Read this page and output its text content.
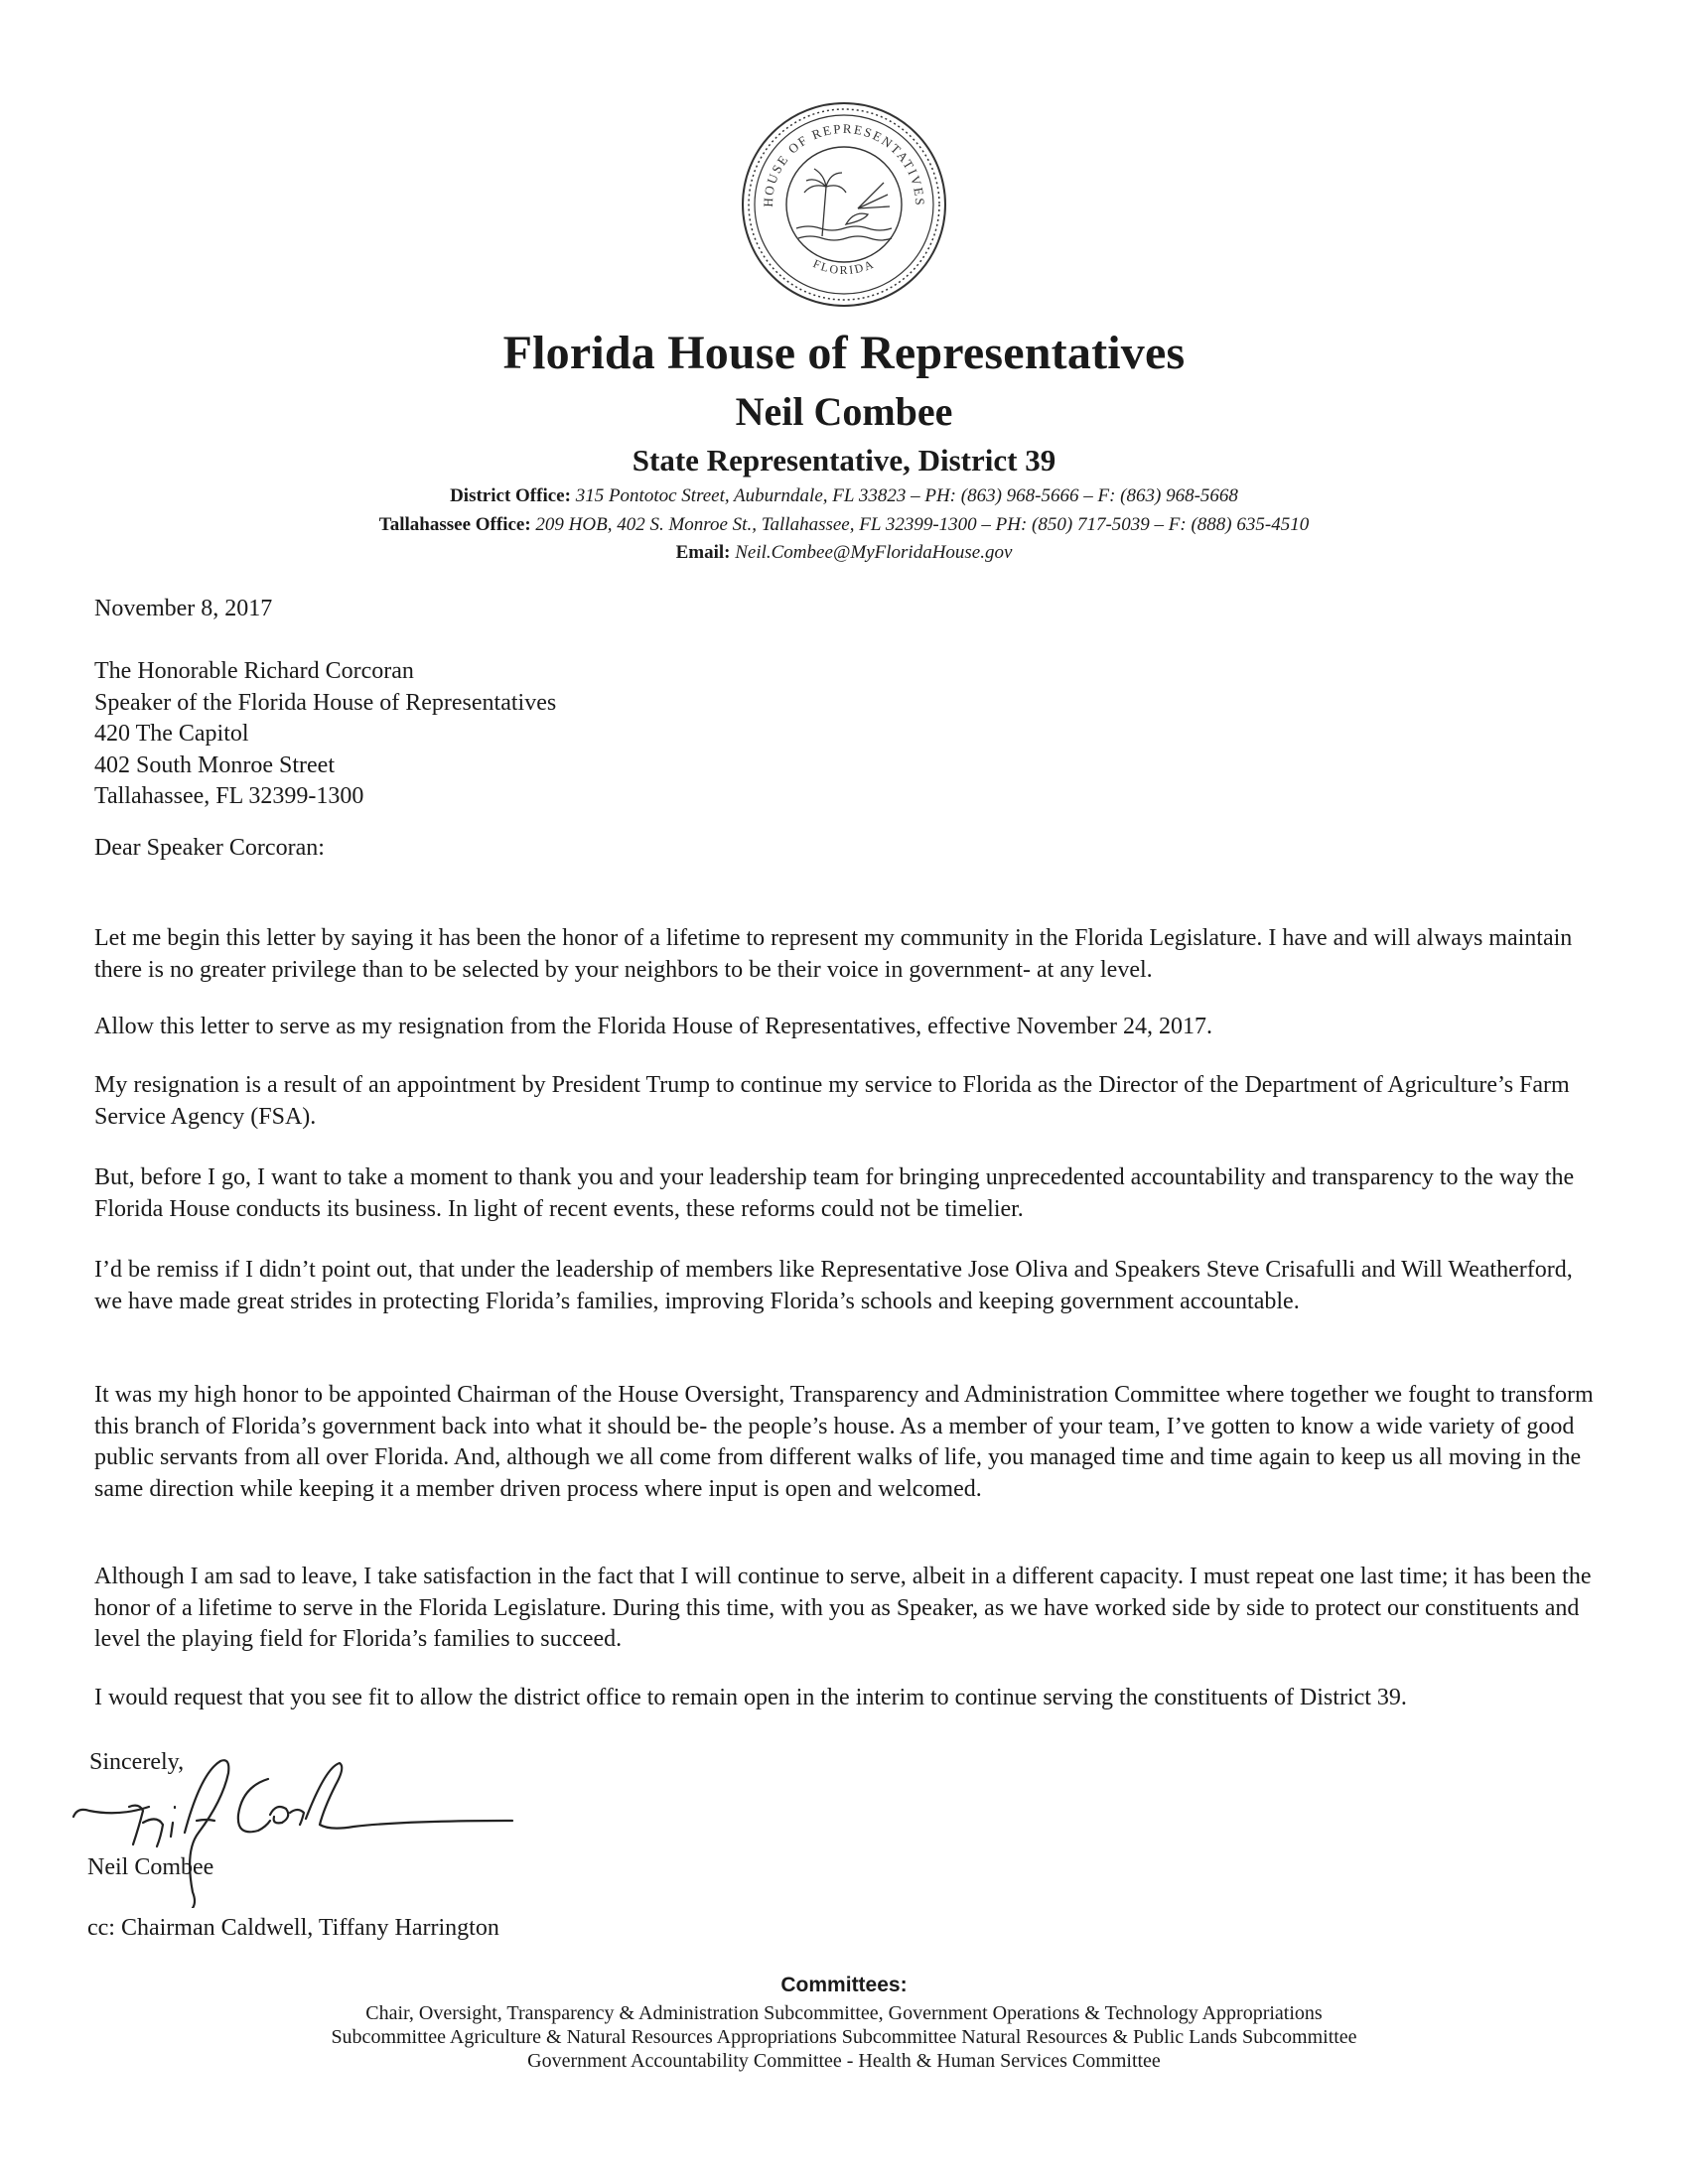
HOUSE OF REPRESENTATIVES
FLORIDA
Florida House of Representatives
Neil Combee
State Representative, District 39
District Office: 315 Pontotoc Street, Auburndale, FL 33823 – PH: (863) 968-5666 – F: (863) 968-5668
Tallahassee Office: 209 HOB, 402 S. Monroe St., Tallahassee, FL 32399-1300 – PH: (850) 717-5039 – F: (888) 635-4510
Email: Neil.Combee@MyFloridaHouse.gov
November 8, 2017
The Honorable Richard Corcoran
Speaker of the Florida House of Representatives
420 The Capitol
402 South Monroe Street
Tallahassee, FL 32399-1300
Dear Speaker Corcoran:

Let me begin this letter by saying it has been the honor of a lifetime to represent my community in the Florida Legislature. I have and will always maintain there is no greater privilege than to be selected by your neighbors to be their voice in government- at any level.

Allow this letter to serve as my resignation from the Florida House of Representatives, effective November 24, 2017.

My resignation is a result of an appointment by President Trump to continue my service to Florida as the Director of the Department of Agriculture’s Farm Service Agency (FSA).

But, before I go, I want to take a moment to thank you and your leadership team for bringing unprecedented accountability and transparency to the way the Florida House conducts its business. In light of recent events, these reforms could not be timelier.

I’d be remiss if I didn’t point out, that under the leadership of members like Representative Jose Oliva and Speakers Steve Crisafulli and Will Weatherford, we have made great strides in protecting Florida’s families, improving Florida’s schools and keeping government accountable.

It was my high honor to be appointed Chairman of the House Oversight, Transparency and Administration Committee where together we fought to transform this branch of Florida’s government back into what it should be- the people’s house. As a member of your team, I’ve gotten to know a wide variety of good public servants from all over Florida. And, although we all come from different walks of life, you managed time and time again to keep us all moving in the same direction while keeping it a member driven process where input is open and welcomed.

Although I am sad to leave, I take satisfaction in the fact that I will continue to serve, albeit in a different capacity. I must repeat one last time; it has been the honor of a lifetime to serve in the Florida Legislature. During this time, with you as Speaker, as we have worked side by side to protect our constituents and level the playing field for Florida’s families to succeed.

I would request that you see fit to allow the district office to remain open in the interim to continue serving the constituents of District 39.

Sincerely,
Neil Combee
cc: Chairman Caldwell, Tiffany Harrington
Committees:
Chair, Oversight, Transparency & Administration Subcommittee, Government Operations & Technology Appropriations
Subcommittee Agriculture & Natural Resources Appropriations Subcommittee Natural Resources & Public Lands Subcommittee
Government Accountability Committee - Health & Human Services Committee
